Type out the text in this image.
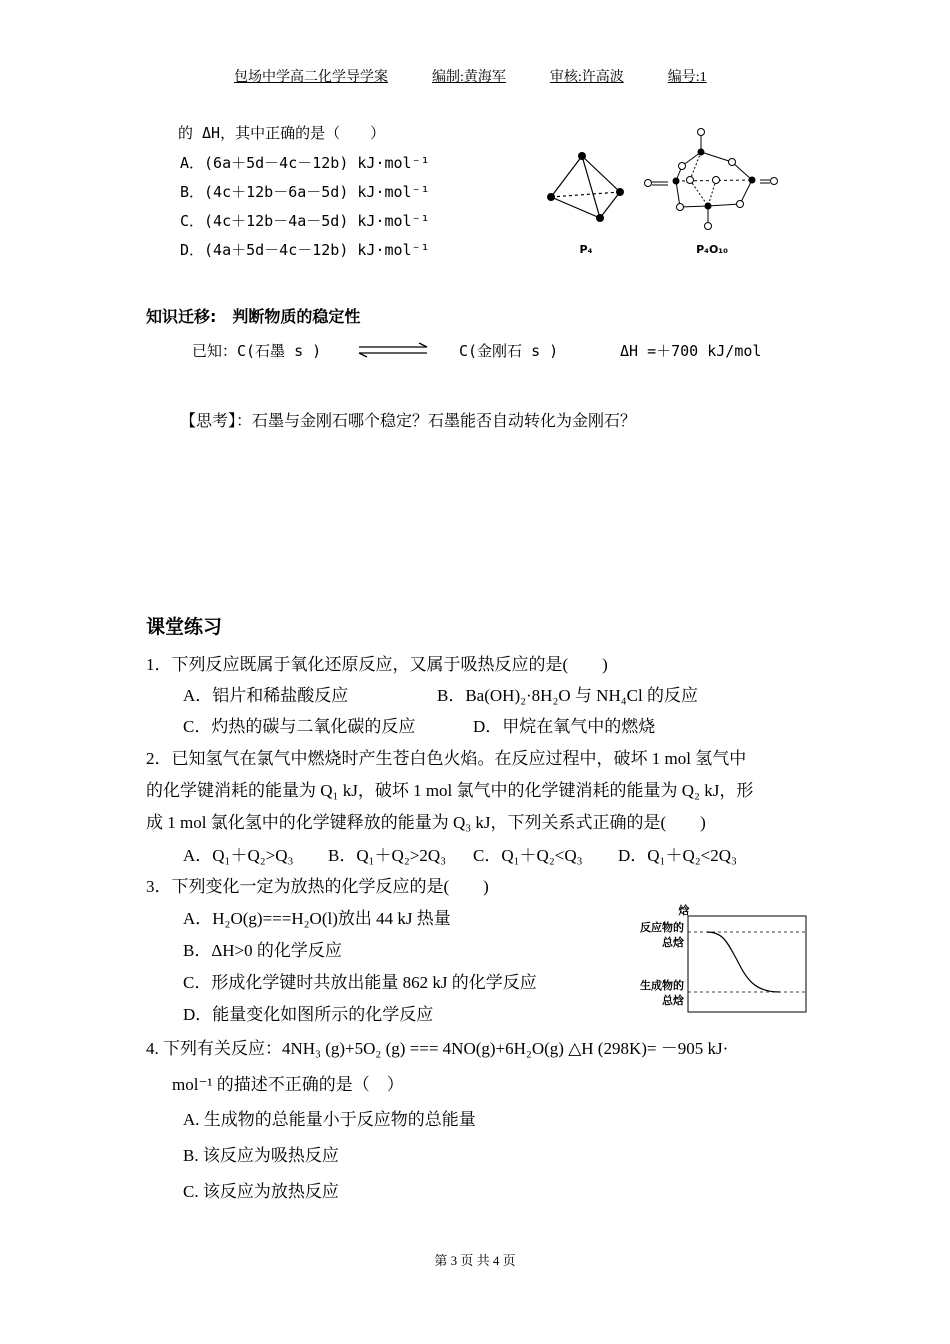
包场中学高二化学导学案	编制:黄海军	审核:许高波	编号:1
的 ΔH，其中正确的是（　　）
A．(6a＋5d－4c－12b) kJ·mol⁻¹
B．(4c＋12b－6a－5d) kJ·mol⁻¹
C．(4c＋12b－4a－5d) kJ·mol⁻¹
D．(4a＋5d－4c－12b) kJ·mol⁻¹	P₄	P₄O₁₀
知识迁移:　判断物质的稳定性
已知：C(石墨 s )	C(金刚石 s )	ΔH =＋700 kJ/mol
【思考】：石墨与金刚石哪个稳定？石墨能否自动转化为金刚石？
课堂练习
1．下列反应既属于氧化还原反应，又属于吸热反应的是(　　)
A．铝片和稀盐酸反应	B．Ba(OH)₂·8H₂O 与 NH₄Cl 的反应
C．灼热的碳与二氧化碳的反应	D．甲烷在氧气中的燃烧
2．已知氢气在氯气中燃烧时产生苍白色火焰。在反应过程中，破坏 1 mol 氢气中
的化学键消耗的能量为 Q₁ kJ，破坏 1 mol 氯气中的化学键消耗的能量为 Q₂ kJ，形
成 1 mol 氯化氢中的化学键释放的能量为 Q₃ kJ，下列关系式正确的是(　　)
A．Q₁＋Q₂>Q₃ B．Q₁＋Q₂>2Q₃ C．Q₁＋Q₂<Q₃ D．Q₁＋Q₂<2Q₃
3．下列变化一定为放热的化学反应的是(　　)
A．H₂O(g)===H₂O(l)放出 44 kJ 热量
B．ΔH>0 的化学反应
C．形成化学键时共放出能量 862 kJ 的化学反应
D．能量变化如图所示的化学反应
焓
反应物的
总焓
生成物的
总焓
4. 下列有关反应：4NH₃ (g)+5O₂ (g) === 4NO(g)+6H₂O(g) △H (298K)= －905 kJ·
mol⁻¹ 的描述不正确的是（　）
A. 生成物的总能量小于反应物的总能量
B. 该反应为吸热反应
C. 该反应为放热反应
第 3 页 共 4 页
